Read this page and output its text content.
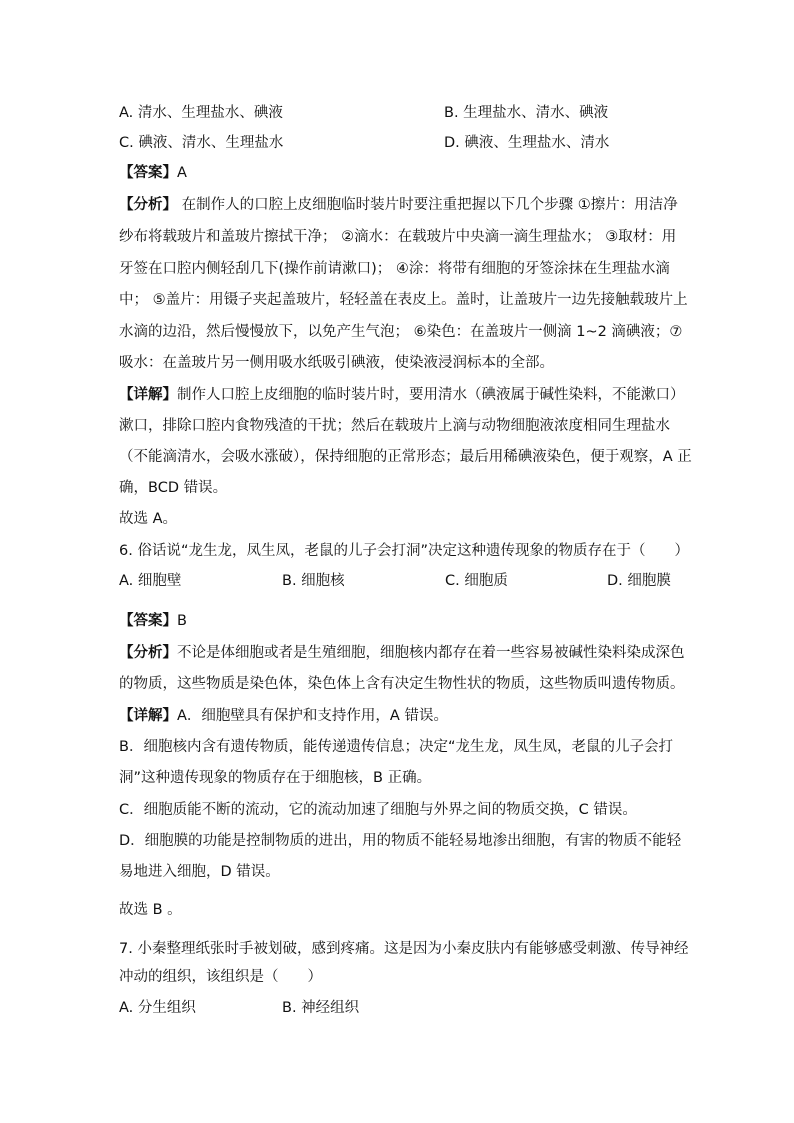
A. 清水、生理盐水、碘液	B. 生理盐水、清水、碘液
C. 碘液、清水、生理盐水	D. 碘液、生理盐水、清水
【答案】A
【分析】 在制作人的口腔上皮细胞临时装片时要注重把握以下几个步骤 ①擦片：用洁净
纱布将载玻片和盖玻片擦拭干净； ②滴水：在载玻片中央滴一滴生理盐水； ③取材：用
牙签在口腔内侧轻刮几下(操作前请漱口)； ④涂：将带有细胞的牙签涂抹在生理盐水滴
中； ⑤盖片：用镊子夹起盖玻片，轻轻盖在表皮上。盖时，让盖玻片一边先接触载玻片上
水滴的边沿，然后慢慢放下，以免产生气泡； ⑥染色：在盖玻片一侧滴 1~2 滴碘液；⑦
吸水：在盖玻片另一侧用吸水纸吸引碘液，使染液浸润标本的全部。
【详解】制作人口腔上皮细胞的临时装片时，要用清水（碘液属于碱性染料，不能漱口）
漱口，排除口腔内食物残渣的干扰；然后在载玻片上滴与动物细胞液浓度相同生理盐水
（不能滴清水，会吸水涨破），保持细胞的正常形态；最后用稀碘液染色，便于观察，A 正
确，BCD 错误。
故选 A。
6. 俗话说“龙生龙，凤生凤，老鼠的儿子会打洞”决定这种遗传现象的物质存在于（　　）
A. 细胞壁	B. 细胞核	C. 细胞质	D. 细胞膜
【答案】B
【分析】不论是体细胞或者是生殖细胞，细胞核内都存在着一些容易被碱性染料染成深色
的物质，这些物质是染色体，染色体上含有决定生物性状的物质，这些物质叫遗传物质。
【详解】A．细胞壁具有保护和支持作用，A 错误。
B．细胞核内含有遗传物质，能传递遗传信息；决定“龙生龙，凤生凤，老鼠的儿子会打
洞”这种遗传现象的物质存在于细胞核，B 正确。
C．细胞质能不断的流动，它的流动加速了细胞与外界之间的物质交换，C 错误。
D．细胞膜的功能是控制物质的进出，用的物质不能轻易地渗出细胞，有害的物质不能轻
易地进入细胞，D 错误。
故选 B 。
7. 小秦整理纸张时手被划破，感到疼痛。这是因为小秦皮肤内有能够感受刺激、传导神经
冲动的组织，该组织是（　　）
A. 分生组织	B. 神经组织
